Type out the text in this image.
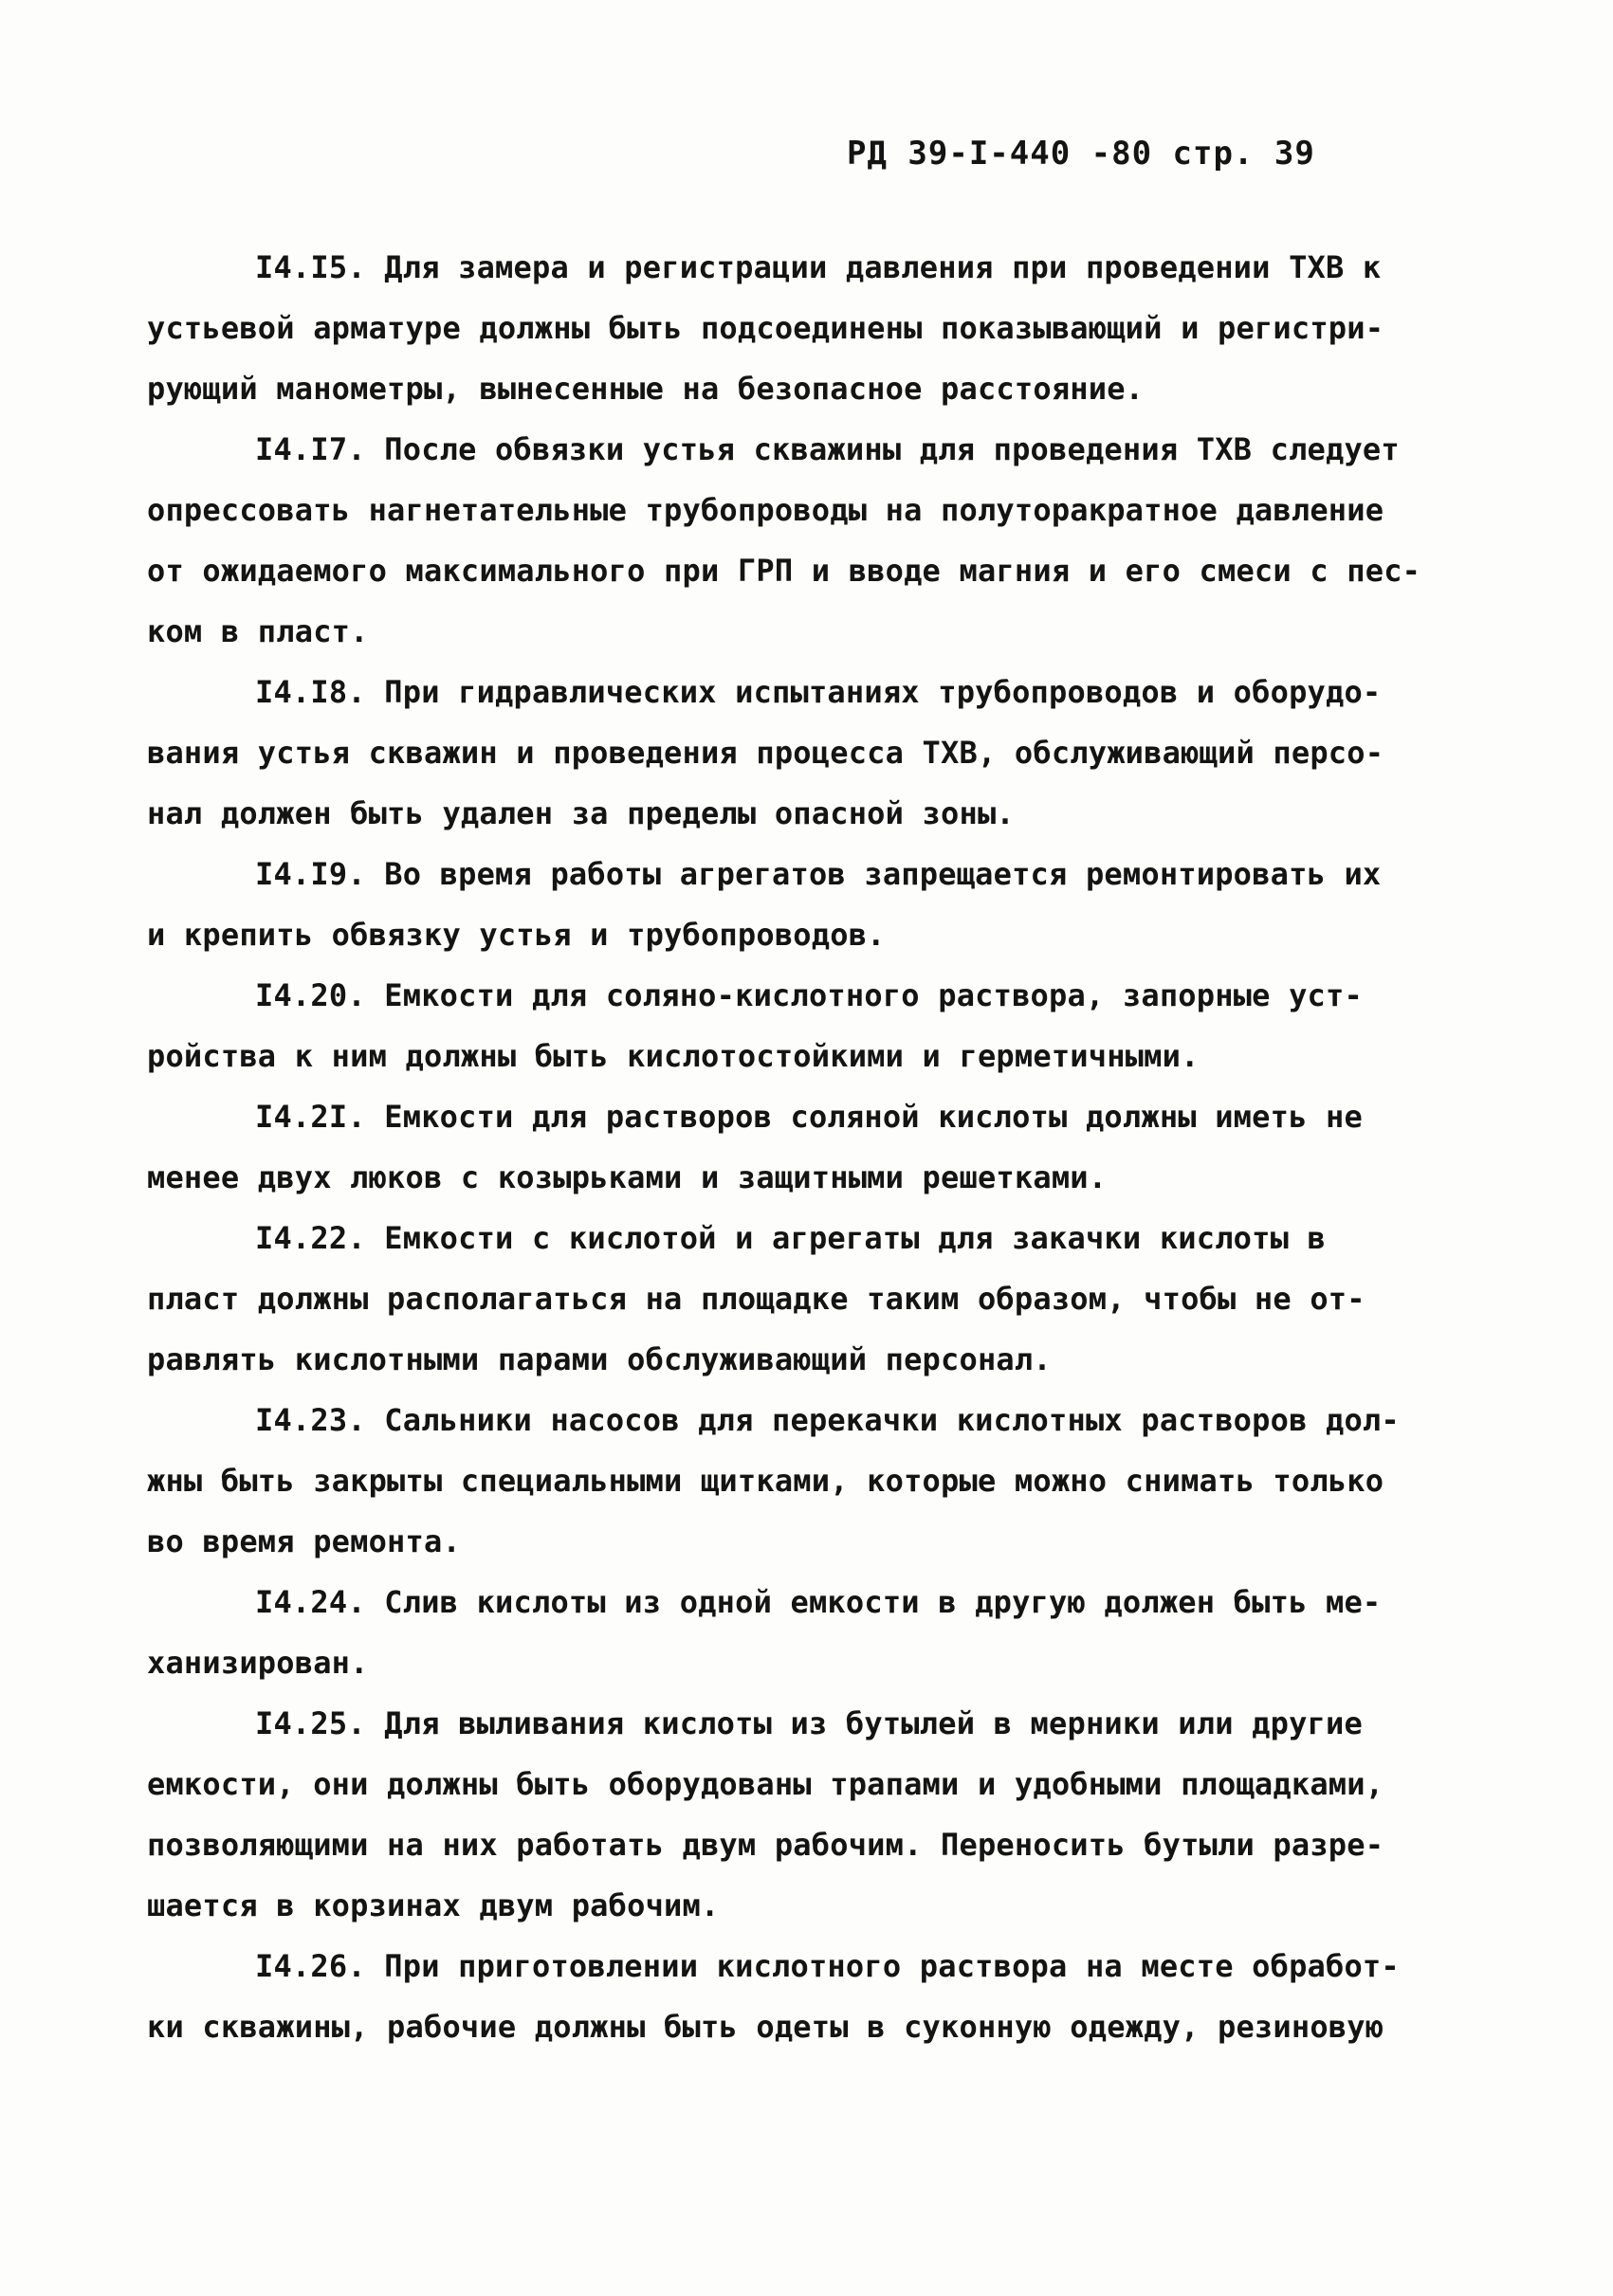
РД 39-I-440 -80 стр. 39
I4.I5. Для замера и регистрации давления при проведении ТХВ к
устьевой арматуре должны быть подсоединены показывающий и регистри-
рующий манометры, вынесенные на безопасное расстояние.
I4.I7. После обвязки устья скважины для проведения ТХВ следует
опрессовать нагнетательные трубопроводы на полуторакратное давление
от ожидаемого максимального при ГРП и вводе магния и его смеси с пес-
ком в пласт.
I4.I8. При гидравлических испытаниях трубопроводов и оборудо-
вания устья скважин и проведения процесса ТХВ, обслуживающий персо-
нал должен быть удален за пределы опасной зоны.
I4.I9. Во время работы агрегатов запрещается ремонтировать их
и крепить обвязку устья и трубопроводов.
I4.20. Емкости для солянo-кислотного раствора, запорные уст-
ройства к ним должны быть кислотостойкими и герметичными.
I4.2I. Емкости для растворов соляной кислоты должны иметь не
менее двух люков с козырьками и защитными решетками.
I4.22. Емкости с кислотой и агрегаты для закачки кислоты в
пласт должны располагаться на площадке таким образом, чтобы не от-
равлять кислотными парами обслуживающий персонал.
I4.23. Сальники насосов для перекачки кислотных растворов дол-
жны быть закрыты специальными щитками, которые можно снимать только
во время ремонта.
I4.24. Слив кислоты из одной емкости в другую должен быть ме-
ханизирован.
I4.25. Для выливания кислоты из бутылей в мерники или другие
емкости, они должны быть оборудованы трапами и удобными площадками,
позволяющими на них работать двум рабочим. Переносить бутыли разре-
шается в корзинах двум рабочим.
I4.26. При приготовлении кислотного раствора на месте обработ-
ки скважины, рабочие должны быть одеты в суконную одежду, резиновую
